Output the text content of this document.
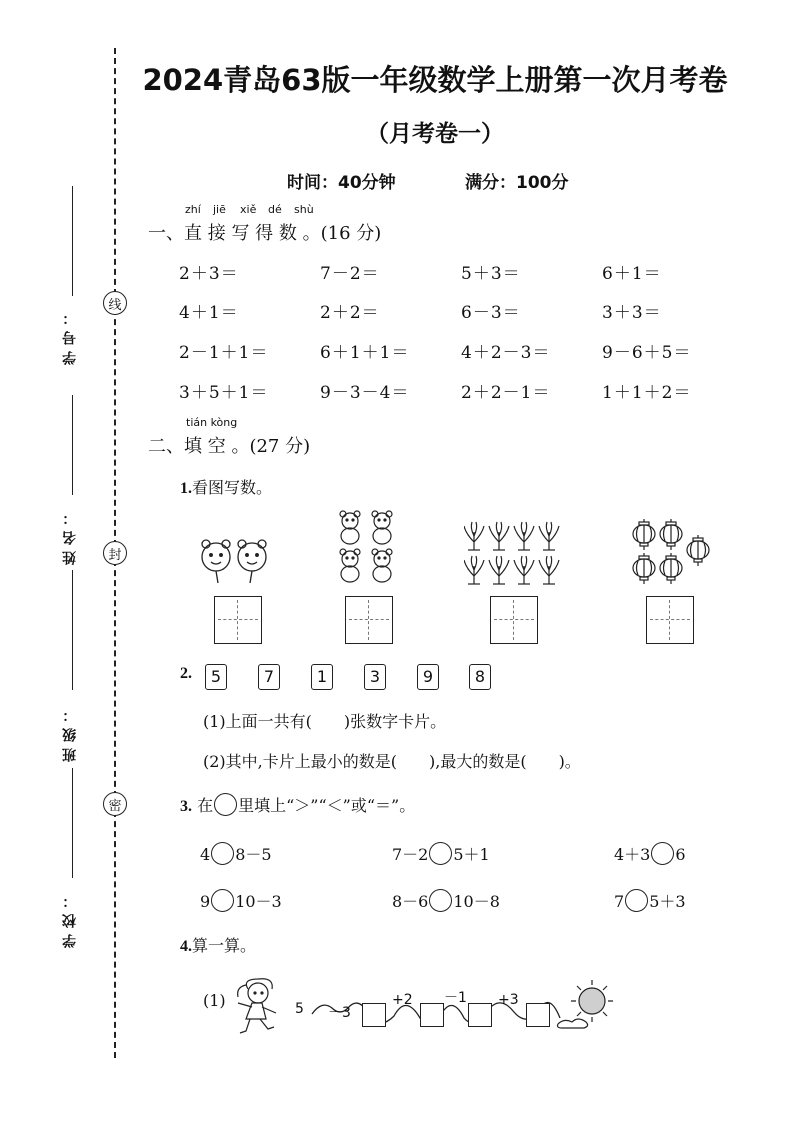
线
封
密
学号：
姓名：
班级：
学校：
2024青岛63版一年级数学上册第一次月考卷
（月考卷一）
时间：40分钟	满分：100分
zhí jiē xiě dé shù
一、直 接 写 得 数 。(16 分)
2＋3＝	7－2＝	5＋3＝	6＋1＝
4＋1＝	2＋2＝	6－3＝	3＋3＝
2－1＋1＝	6＋1＋1＝	4＋2－3＝	9－6＋5＝
3＋5＋1＝	9－3－4＝	2＋2－1＝	1＋1＋2＝
tián kòng
二、填 空 。(27 分)
1.看图写数。
2.	5	7	1	3	9	8
(1)上面一共有(　　)张数字卡片。
(2)其中,卡片上最小的数是(　　),最大的数是(　　)。
3. 在 里填上“＞”“＜”或“＝”。
4 8－5	7－2 5＋1	4＋3 6
9 10－3	8－6 10－8	7 5＋3
4.算一算。
(1)	5 －3
+2 －1 +3
